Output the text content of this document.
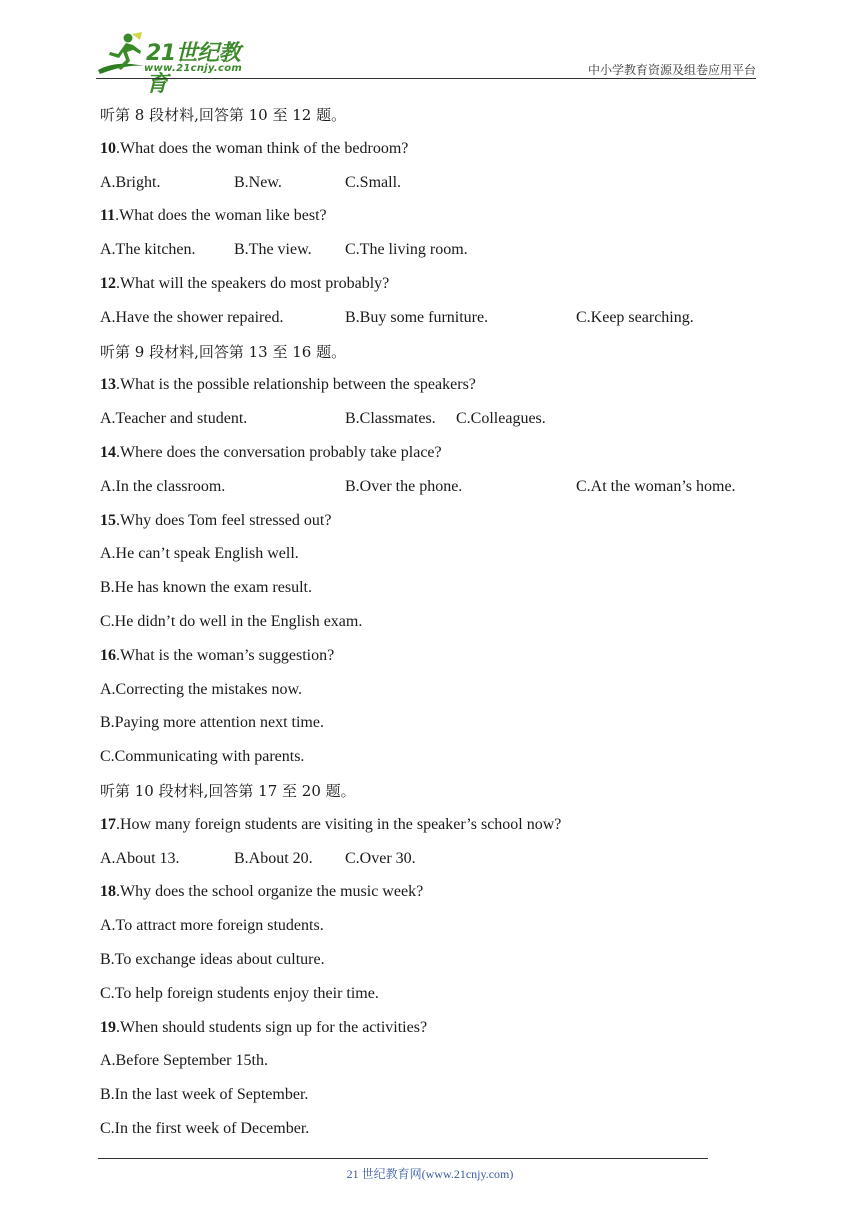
21世纪教育
www.21cnjy.com	中小学教育资源及组卷应用平台
听第 8 段材料,回答第 10 至 12 题。
10.What does the woman think of the bedroom?
A.Bright.	B.New.	C.Small.
11.What does the woman like best?
A.The kitchen. B.The view. C.The living room.
12.What will the speakers do most probably?
A.Have the shower repaired.	B.Buy some furniture.	C.Keep searching.
听第 9 段材料,回答第 13 至 16 题。
13.What is the possible relationship between the speakers?
A.Teacher and student.	B.Classmates. C.Colleagues.
14.Where does the conversation probably take place?
A.In the classroom.	B.Over the phone.	C.At the woman’s home.
15.Why does Tom feel stressed out?
A.He can’t speak English well.
B.He has known the exam result.
C.He didn’t do well in the English exam.
16.What is the woman’s suggestion?
A.Correcting the mistakes now.
B.Paying more attention next time.
C.Communicating with parents.
听第 10 段材料,回答第 17 至 20 题。
17.How many foreign students are visiting in the speaker’s school now?
A.About 13.	B.About 20. C.Over 30.
18.Why does the school organize the music week?
A.To attract more foreign students.
B.To exchange ideas about culture.
C.To help foreign students enjoy their time.
19.When should students sign up for the activities?
A.Before September 15th.
B.In the last week of September.
C.In the first week of December.
21 世纪教育网(www.21cnjy.com)
